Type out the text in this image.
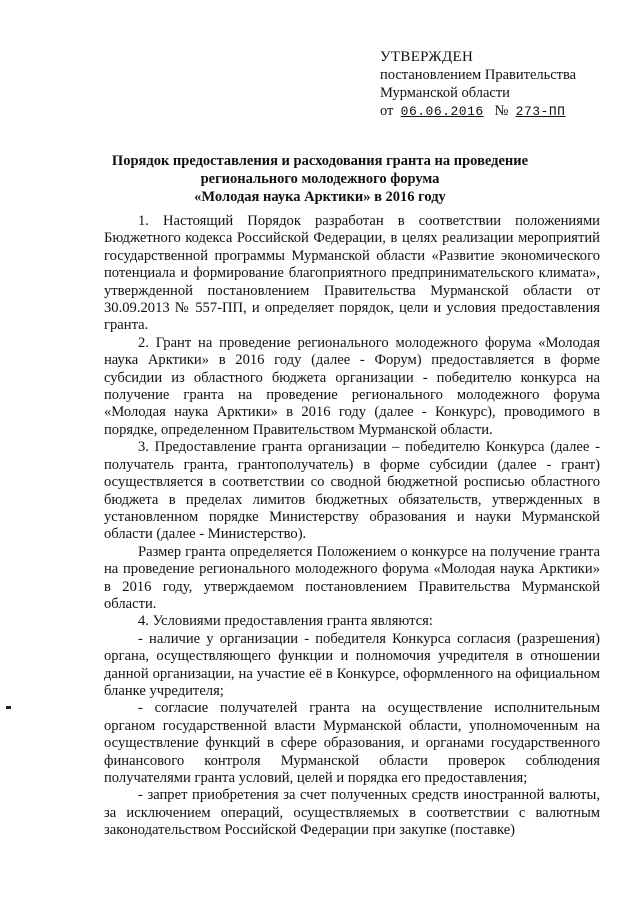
УТВЕРЖДЕН
постановлением Правительства
Мурманской области
от 06.06.2016 № 273-ПП
Порядок предоставления и расходования гранта на проведение
регионального молодежного форума
«Молодая наука Арктики» в 2016 году

1. Настоящий Порядок разработан в соответствии положениями Бюджетного кодекса Российской Федерации, в целях реализации мероприятий государственной программы Мурманской области «Развитие экономического потенциала и формирование благоприятного предпринимательского климата», утвержденной постановлением Правительства Мурманской области от 30.09.2013 № 557-ПП, и определяет порядок, цели и условия предоставления гранта.

2. Грант на проведение регионального молодежного форума «Молодая наука Арктики» в 2016 году (далее - Форум) предоставляется в форме субсидии из областного бюджета организации - победителю конкурса на получение гранта на проведение регионального молодежного форума «Молодая наука Арктики» в 2016 году (далее - Конкурс), проводимого в порядке, определенном Правительством Мурманской области.

3. Предоставление гранта организации – победителю Конкурса (далее - получатель гранта, грантополучатель) в форме субсидии (далее - грант) осуществляется в соответствии со сводной бюджетной росписью областного бюджета в пределах лимитов бюджетных обязательств, утвержденных в установленном порядке Министерству образования и науки Мурманской области (далее - Министерство).

Размер гранта определяется Положением о конкурсе на получение гранта на проведение регионального молодежного форума «Молодая наука Арктики» в 2016 году, утверждаемом постановлением Правительства Мурманской области.

4. Условиями предоставления гранта являются:

- наличие у организации - победителя Конкурса согласия (разрешения) органа, осуществляющего функции и полномочия учредителя в отношении данной организации, на участие её в Конкурсе, оформленного на официальном бланке учредителя;

- согласие получателей гранта на осуществление исполнительным органом государственной власти Мурманской области, уполномоченным на осуществление функций в сфере образования, и органами государственного финансового контроля Мурманской области проверок соблюдения получателями гранта условий, целей и порядка его предоставления;

- запрет приобретения за счет полученных средств иностранной валюты, за исключением операций, осуществляемых в соответствии с валютным законодательством Российской Федерации при закупке (поставке)
